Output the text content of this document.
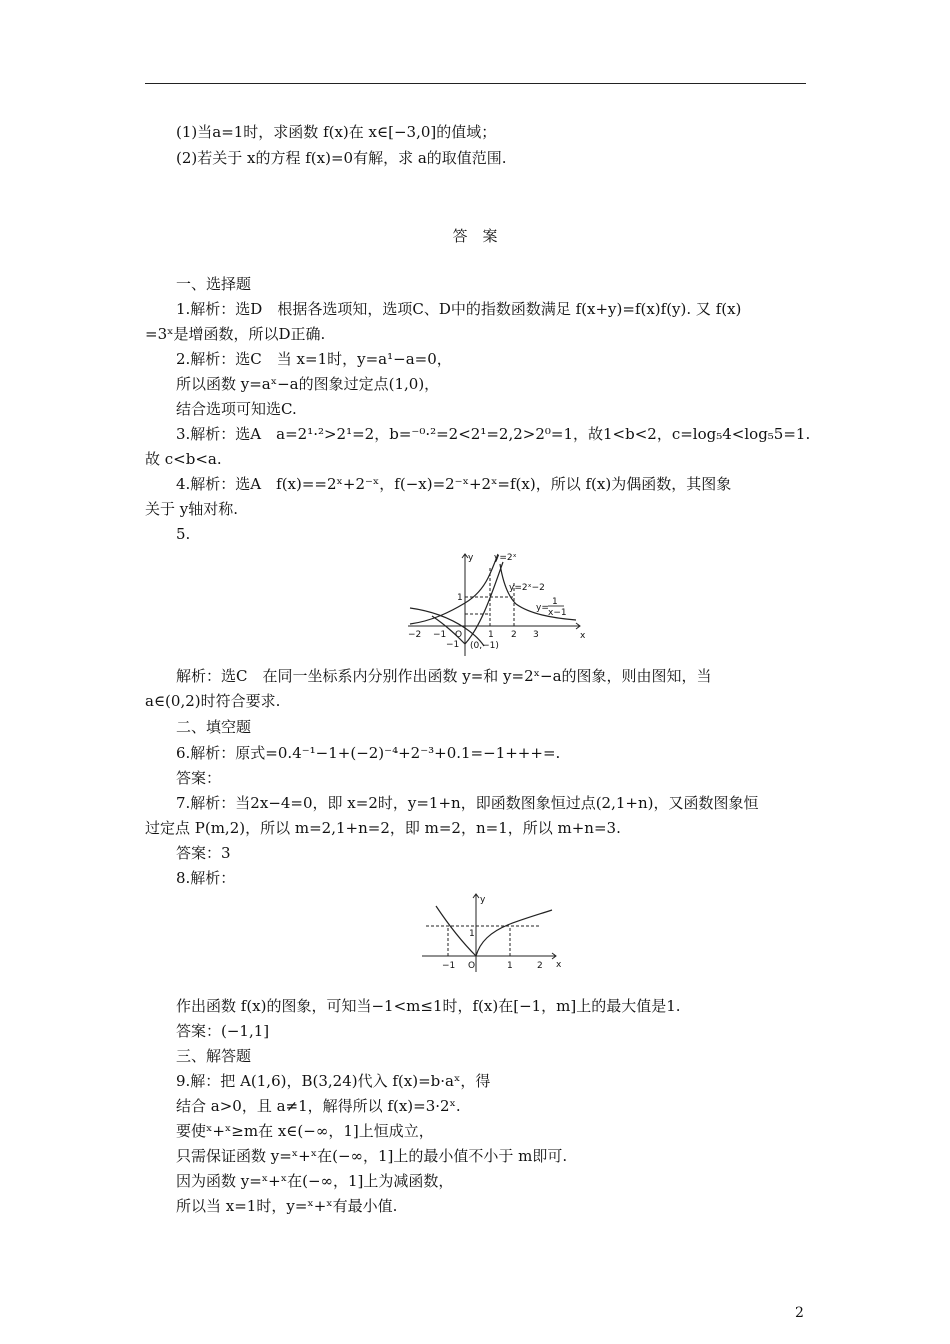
(1)当a=1时，求函数 f(x)在 x∈[−3,0]的值域；
(2)若关于 x的方程 f(x)=0有解，求 a的取值范围.
答　案
一、选择题
1.解析：选D　根据各选项知，选项C、D中的指数函数满足 f(x+y)=f(x)f(y). 又 f(x)
=3ˣ是增函数，所以D正确.
2.解析：选C　当 x=1时，y=a¹−a=0，
所以函数 y=aˣ−a的图象过定点(1,0)，
结合选项可知选C.
3.解析：选A　a=2¹·²>2¹=2，b=⁻⁰·²=2<2¹=2,2>2⁰=1，故1<b<2，c=log₅4<log₅5=1.
故 c<b<a.
4.解析：选A　f(x)==2ˣ+2⁻ˣ，f(−x)=2⁻ˣ+2ˣ=f(x)，所以 f(x)为偶函数，其图象
关于 y轴对称.
5.
x
y y=2ˣ
y=2ˣ−2
y=
1
x−1
(0,−1)
O
−2 −1	1 2 3
1
−1
解析：选C　在同一坐标系内分别作出函数 y=和 y=2ˣ−a的图象，则由图知，当
a∈(0,2)时符合要求.
二、填空题
6.解析：原式=0.4⁻¹−1+(−2)⁻⁴+2⁻³+0.1=−1+++=.
答案：
7.解析：当2x−4=0，即 x=2时，y=1+n，即函数图象恒过点(2,1+n)，又函数图象恒
过定点 P(m,2)，所以 m=2,1+n=2，即 m=2，n=1，所以 m+n=3.
答案：3
8.解析：
x
y
O
−1	1	2
1
作出函数 f(x)的图象，可知当−1<m≤1时，f(x)在[−1，m]上的最大值是1.
答案：(−1,1]
三、解答题
9.解：把 A(1,6)，B(3,24)代入 f(x)=b·aˣ，得
结合 a>0，且 a≠1，解得所以 f(x)=3·2ˣ.
要使ˣ+ˣ≥m在 x∈(−∞，1]上恒成立，
只需保证函数 y=ˣ+ˣ在(−∞，1]上的最小值不小于 m即可.
因为函数 y=ˣ+ˣ在(−∞，1]上为减函数，
所以当 x=1时，y=ˣ+ˣ有最小值.
2
